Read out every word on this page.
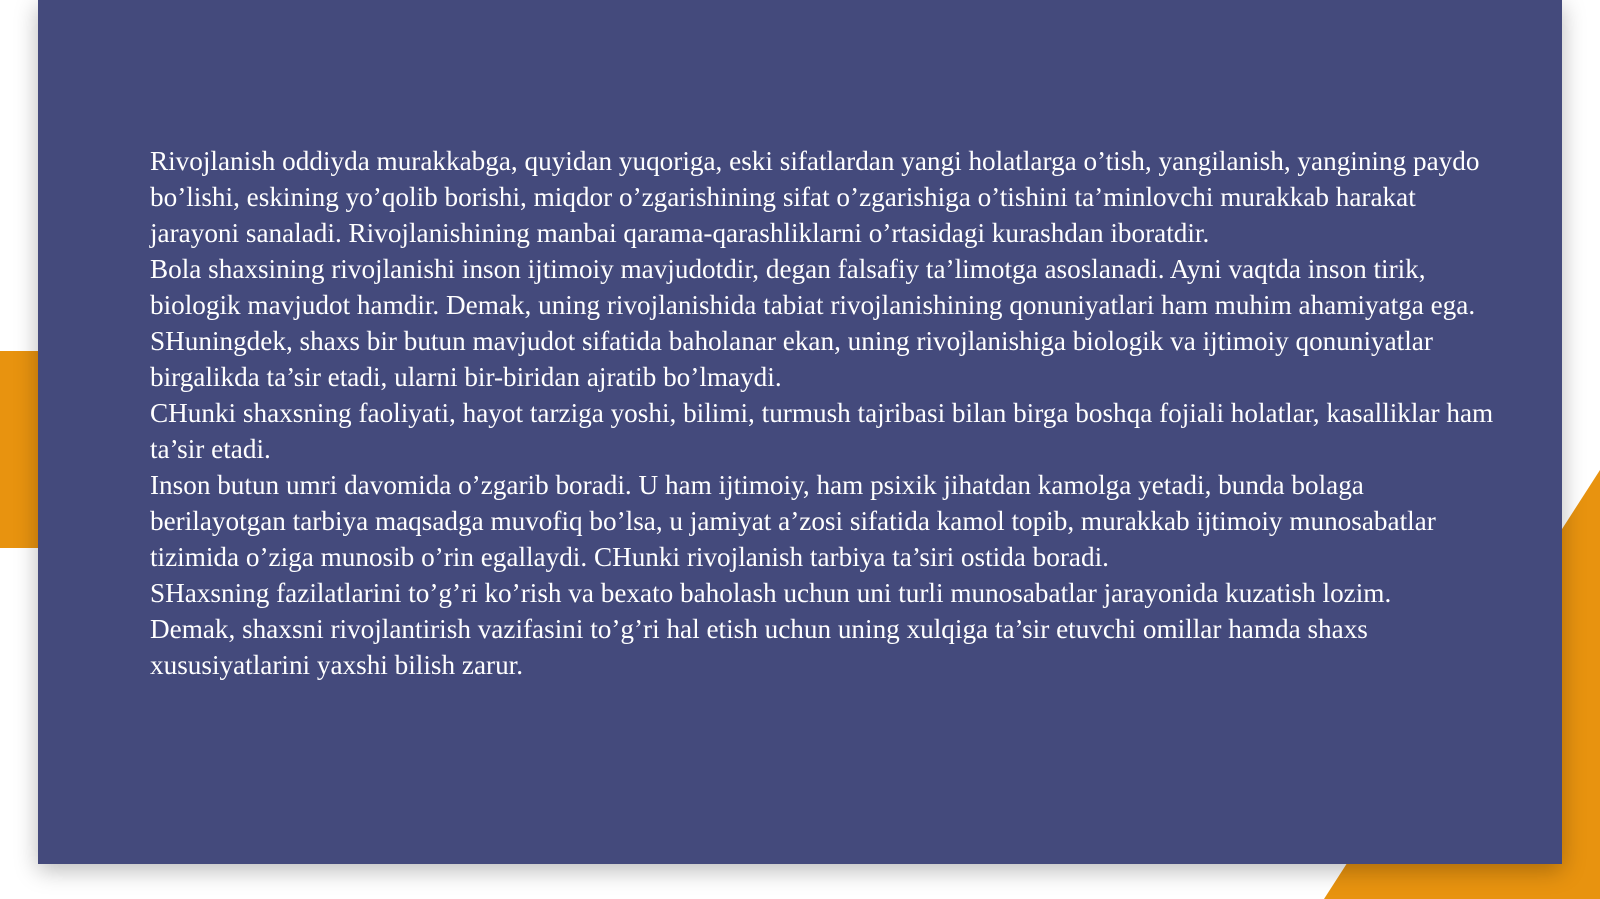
Rivojlanish oddiyda murakkabga, quyidan yuqoriga, eski sifatlardan yangi holatlarga o’tish, yangilanish, yangining paydo bo’lishi, eskining yo’qolib borishi, miqdor o’zgarishining sifat o’zgarishiga o’tishini ta’minlovchi murakkab harakat jarayoni sanaladi. Rivojlanishining manbai qarama-qarashliklarni o’rtasidagi kurashdan iboratdir.

Bola shaxsining rivojlanishi inson ijtimoiy mavjudotdir, degan falsafiy ta’limotga asoslanadi. Ayni vaqtda inson tirik, biologik mavjudot hamdir. Demak, uning rivojlanishida tabiat rivojlanishining qonuniyatlari ham muhim ahamiyatga ega. SHuningdek, shaxs bir butun mavjudot sifatida baholanar ekan, uning rivojlanishiga biologik va ijtimoiy qonuniyatlar birgalikda ta’sir etadi, ularni bir-biridan ajratib bo’lmaydi.

CHunki shaxsning faoliyati, hayot tarziga yoshi, bilimi, turmush tajribasi bilan birga boshqa fojiali holatlar, kasalliklar ham ta’sir etadi.

Inson butun umri davomida o’zgarib boradi. U ham ijtimoiy, ham psixik jihatdan kamolga yetadi, bunda bolaga berilayotgan tarbiya maqsadga muvofiq bo’lsa, u jamiyat a’zosi sifatida kamol topib, murakkab ijtimoiy munosabatlar tizimida o’ziga munosib o’rin egallaydi. CHunki rivojlanish tarbiya ta’siri ostida boradi.

SHaxsning fazilatlarini to’g’ri ko’rish va bexato baholash uchun uni turli munosabatlar jarayonida kuzatish lozim.

Demak, shaxsni rivojlantirish vazifasini to’g’ri hal etish uchun uning xulqiga ta’sir etuvchi omillar hamda shaxs xususiyatlarini yaxshi bilish zarur.
